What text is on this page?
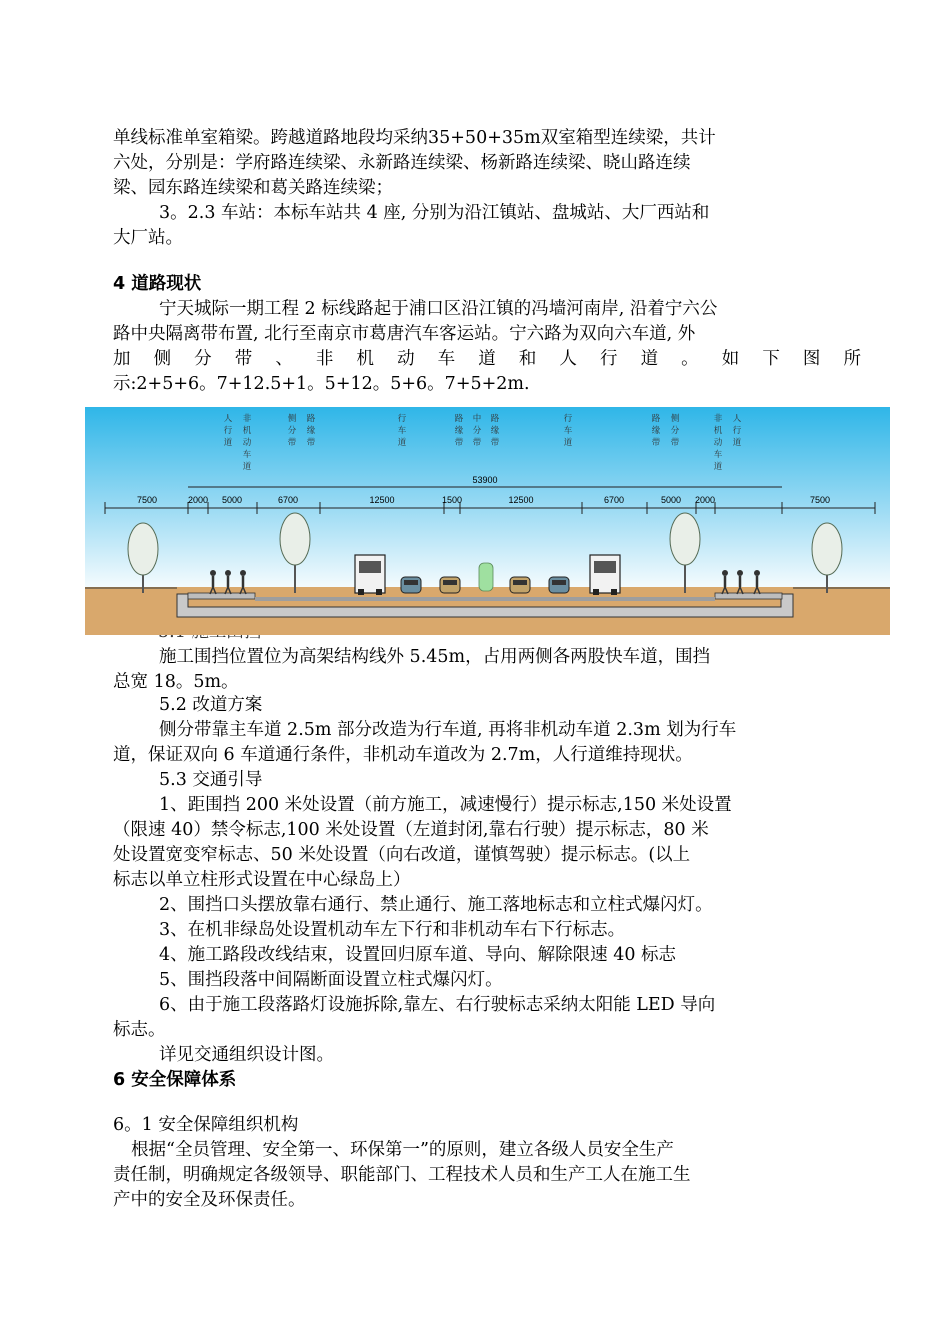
单线标准单室箱梁。跨越道路地段均采纳35+50+35m双室箱型连续梁，共计

六处，分别是：学府路连续梁、永新路连续梁、杨新路连续梁、晓山路连续

梁、园东路连续梁和葛关路连续梁；

3。2.3 车站：本标车站共 4 座, 分别为沿江镇站、盘城站、大厂西站和

大厂站。

4 道路现状

宁天城际一期工程 2 标线路起于浦口区沿江镇的冯墙河南岸, 沿着宁六公

路中央隔离带布置, 北行至南京市葛唐汽车客运站。宁六路为双向六车道, 外

加 侧 分 带 、 非 机 动 车 道 和 人 行 道 。 如 下 图 所

示:2+5+6。7+12.5+1。5+12。5+6。7+5+2m.

7500	2000 5000	6700	12500	1500	12500	6700	5000 2000	7500
人行道
非机动车道
侧分带
路缘带
行车道
路缘带
中分带
路缘带
行车道
路缘带
侧分带
非机动车道
人行道
53900

施工围挡位置位为高架结构线外 5.45m，占用两侧各两股快车道，围挡

总宽 18。5m。

5.2 改道方案

侧分带靠主车道 2.5m 部分改造为行车道, 再将非机动车道 2.3m 划为行车

道，保证双向 6 车道通行条件，非机动车道改为 2.7m，人行道维持现状。

5.3 交通引导

1、距围挡 200 米处设置（前方施工，减速慢行）提示标志,150 米处设置

（限速 40）禁令标志,100 米处设置（左道封闭,靠右行驶）提示标志，80 米

处设置宽变窄标志、50 米处设置（向右改道，谨慎驾驶）提示标志。(以上

标志以单立柱形式设置在中心绿岛上）

2、围挡口头摆放靠右通行、禁止通行、施工落地标志和立柱式爆闪灯。

3、在机非绿岛处设置机动车左下行和非机动车右下行标志。

4、施工路段改线结束，设置回归原车道、导向、解除限速 40 标志

5、围挡段落中间隔断面设置立柱式爆闪灯。

6、由于施工段落路灯设施拆除,靠左、右行驶标志采纳太阳能 LED 导向

标志。

详见交通组织设计图。

6 安全保障体系

6。1 安全保障组织机构

根据“全员管理、安全第一、环保第一”的原则，建立各级人员安全生产

责任制，明确规定各级领导、职能部门、工程技术人员和生产工人在施工生

产中的安全及环保责任。
